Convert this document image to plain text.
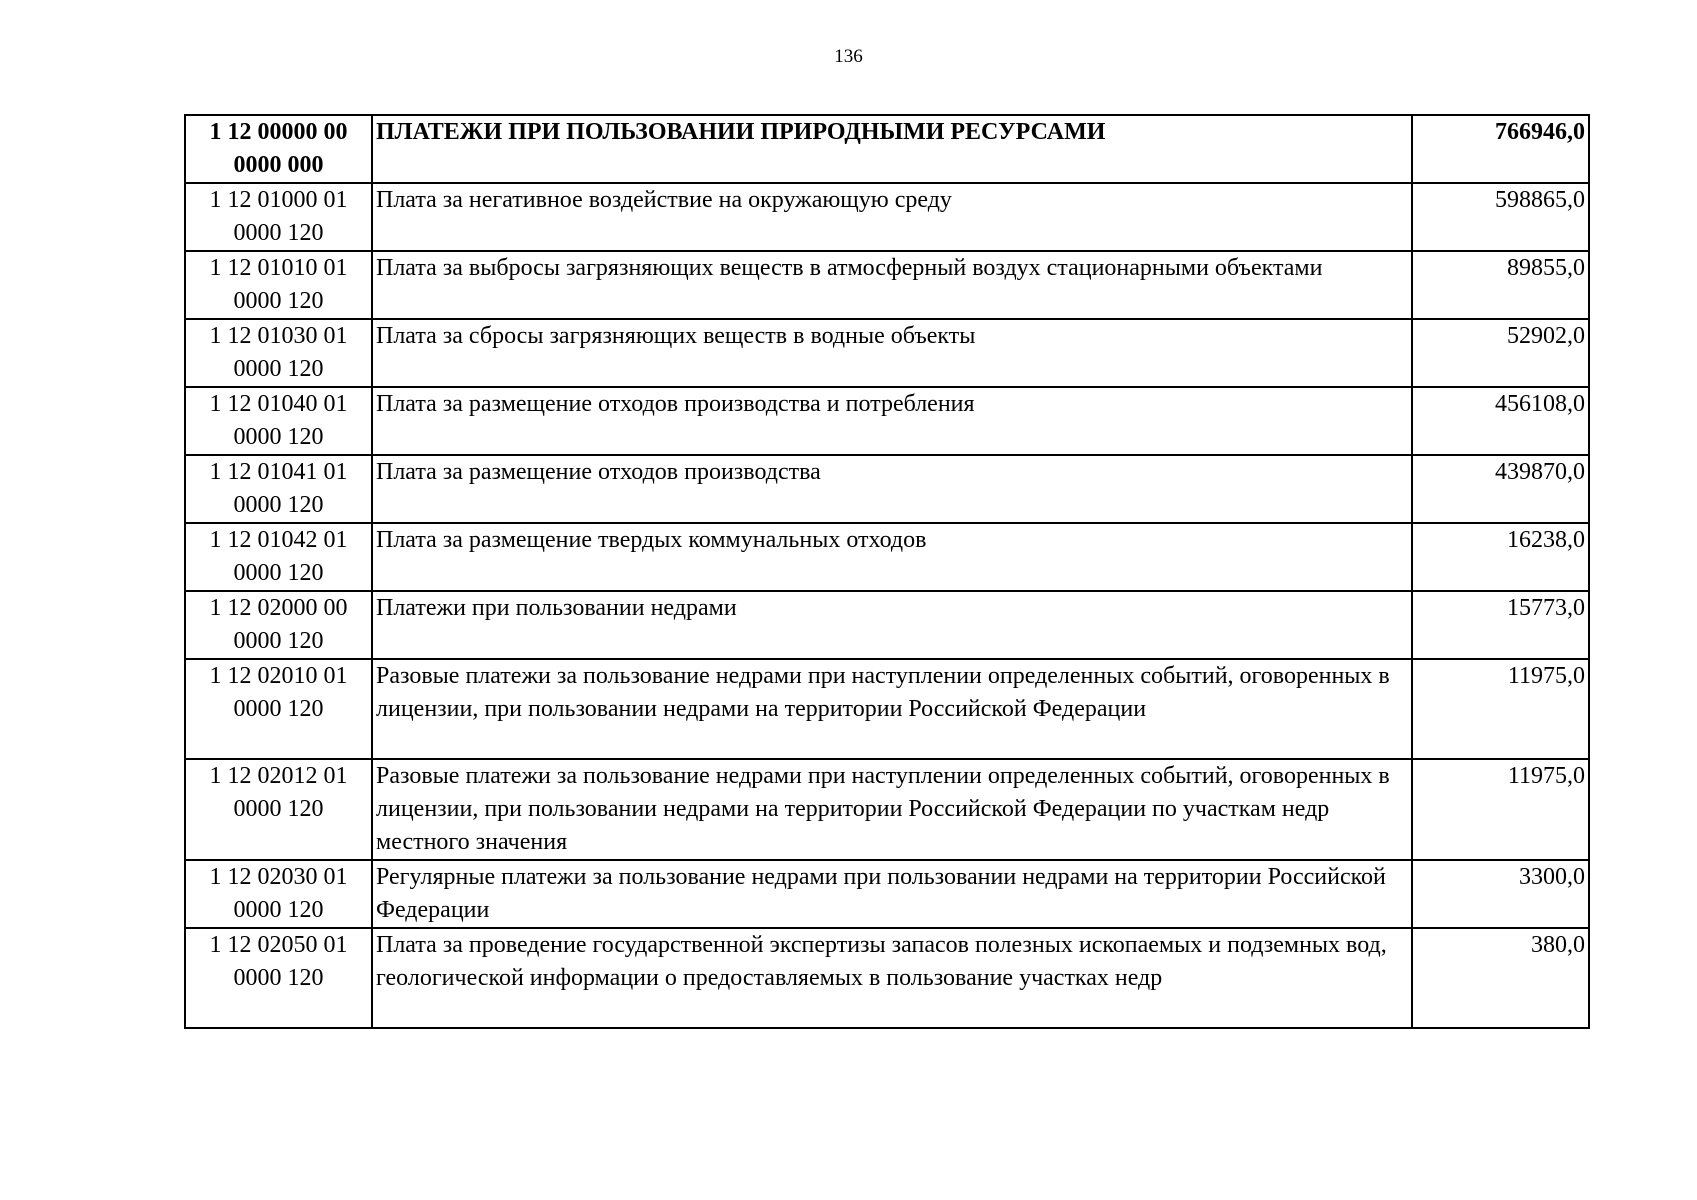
136
1 12 00000 00 0000 000	ПЛАТЕЖИ ПРИ ПОЛЬЗОВАНИИ ПРИРОДНЫМИ РЕСУРСАМИ	766946,0
1 12 01000 01 0000 120	Плата за негативное воздействие на окружающую среду	598865,0
1 12 01010 01 0000 120	Плата за выбросы загрязняющих веществ в атмосферный воздух стационарными объектами	89855,0
1 12 01030 01 0000 120	Плата за сбросы загрязняющих веществ в водные объекты	52902,0
1 12 01040 01 0000 120	Плата за размещение отходов производства и потребления	456108,0
1 12 01041 01 0000 120	Плата за размещение отходов производства	439870,0
1 12 01042 01 0000 120	Плата за размещение твердых коммунальных отходов	16238,0
1 12 02000 00 0000 120	Платежи при пользовании недрами	15773,0
1 12 02010 01 0000 120	Разовые платежи за пользование недрами при наступлении определенных событий, оговоренных в лицензии, при пользовании недрами на территории Российской Федерации	11975,0
1 12 02012 01 0000 120	Разовые платежи за пользование недрами при наступлении определенных событий, оговоренных в лицензии, при пользовании недрами на территории Российской Федерации по участкам недр местного значения	11975,0
1 12 02030 01 0000 120	Регулярные платежи за пользование недрами при пользовании недрами на территории Российской Федерации	3300,0
1 12 02050 01 0000 120	Плата за проведение государственной экспертизы запасов полезных ископаемых и подземных вод, геологической информации о предоставляемых в пользование участках недр	380,0
